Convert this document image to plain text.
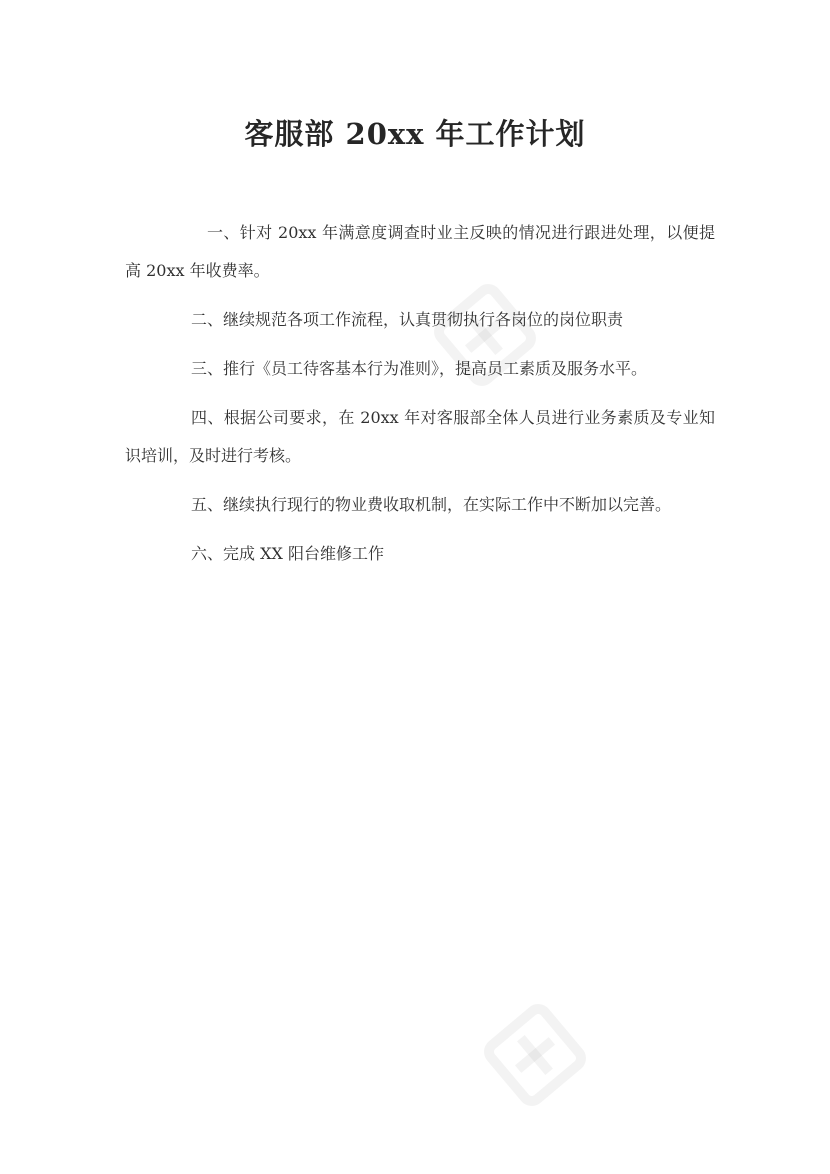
客服部 20xx 年工作计划

一、针对 20xx 年满意度调查时业主反映的情况进行跟进处理，以便提高 20xx 年收费率。

二、继续规范各项工作流程，认真贯彻执行各岗位的岗位职责

三、推行《员工待客基本行为准则》，提高员工素质及服务水平。

四、根据公司要求，在 20xx 年对客服部全体人员进行业务素质及专业知识培训，及时进行考核。

五、继续执行现行的物业费收取机制，在实际工作中不断加以完善。

六、完成 XX 阳台维修工作
